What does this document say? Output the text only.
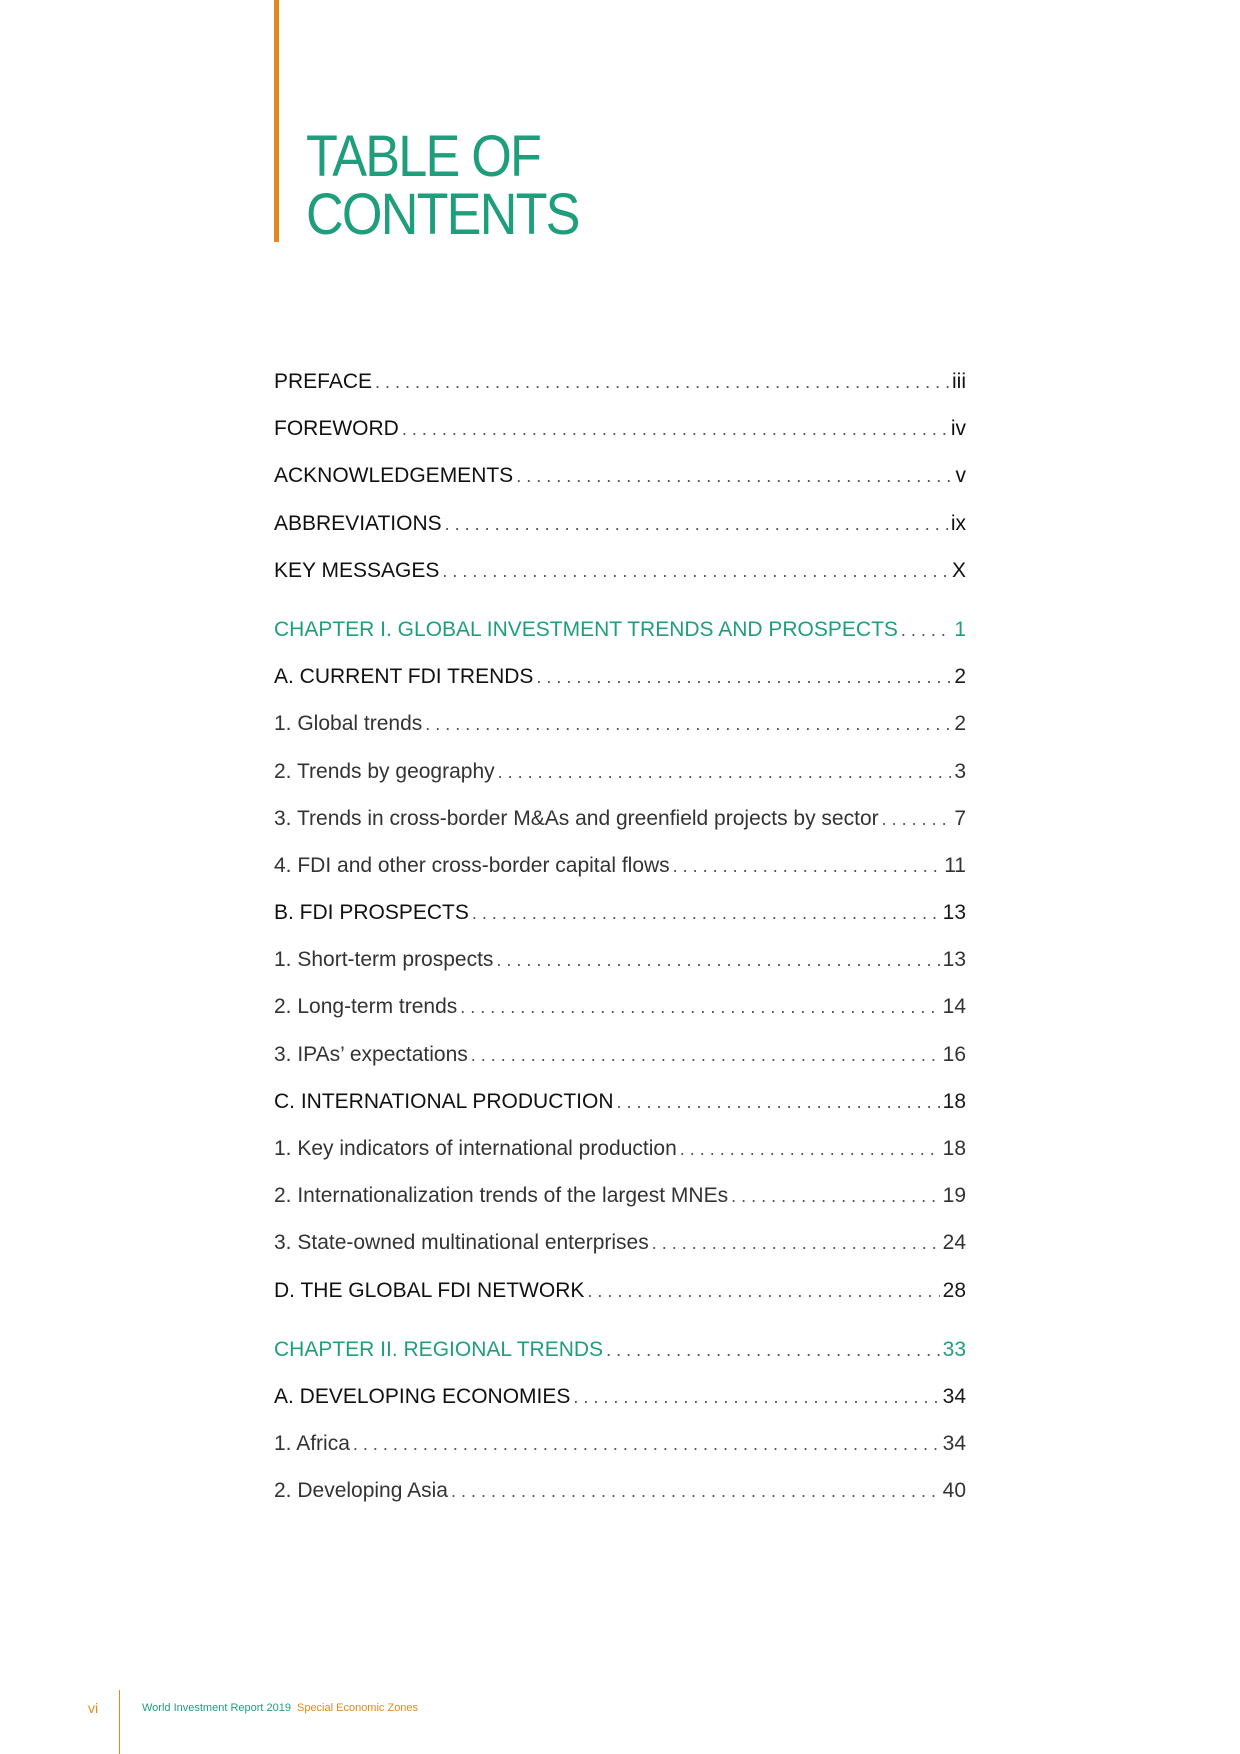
TABLE OF
CONTENTS
PREFACE . . .	iii
FOREWORD . . .	iv
ACKNOWLEDGEMENTS . . .	v
ABBREVIATIONS . . .	ix
KEY MESSAGES . . .	X
CHAPTER I. GLOBAL INVESTMENT TRENDS AND PROSPECTS . . .	1
A. CURRENT FDI TRENDS . . .	2
1. Global trends . . .	2
2. Trends by geography . . .	3
3. Trends in cross-border M&As and greenfield projects by sector . . .	7
4. FDI and other cross-border capital flows . . .	11
B. FDI PROSPECTS . . .	13
1. Short-term prospects . . .	13
2. Long-term trends . . .	14
3. IPAs’ expectations . . .	16
C. INTERNATIONAL PRODUCTION . . .	18
1. Key indicators of international production . . .	18
2. Internationalization trends of the largest MNEs . . .	19
3. State-owned multinational enterprises . . .	24
D. THE GLOBAL FDI NETWORK . . .	28
CHAPTER II. REGIONAL TRENDS . . .	33
A. DEVELOPING ECONOMIES . . .	34
1. Africa . . .	34
2. Developing Asia . . .	40
vi	World Investment Report 2019 Special Economic Zones
